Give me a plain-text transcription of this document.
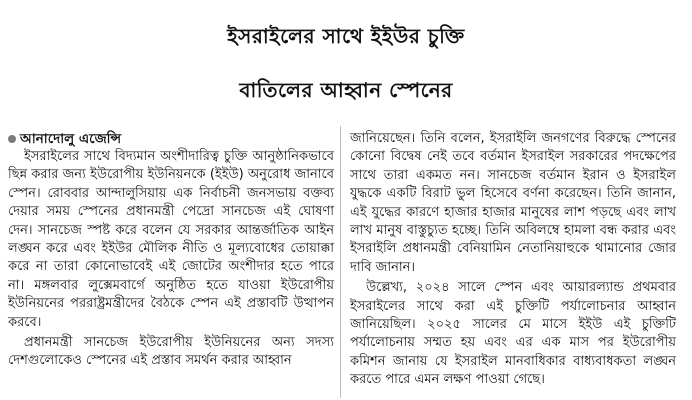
ইসরাইলের সাথে ইইউর চুক্তি
বাতিলের আহ্বান স্পেনের
আনাদোলু এজেন্সি

ইসরাইলের সাথে বিদ্যমান অংশীদারিত্ব চুক্তি আনুষ্ঠানিকভাবে ছিন্ন করার জন্য ইউরোপীয় ইউনিয়নকে (ইইউ) অনুরোধ জানাবে স্পেন। রোববার আন্দালুসিয়ায় এক নির্বাচনী জনসভায় বক্তব্য দেয়ার সময় স্পেনের প্রধানমন্ত্রী পেদ্রো সানচেজ এই ঘোষণা দেন। সানচেজ স্পষ্ট করে বলেন যে সরকার আন্তর্জাতিক আইন লঙ্ঘন করে এবং ইইউর মৌলিক নীতি ও মূল্যবোধের তোয়াক্কা করে না তারা কোনোভাবেই এই জোটের অংশীদার হতে পারে না। মঙ্গলবার লুক্সেমবার্গে অনুষ্ঠিত হতে যাওয়া ইউরোপীয় ইউনিয়নের পররাষ্ট্রমন্ত্রীদের বৈঠকে স্পেন এই প্রস্তাবটি উত্থাপন করবে।

প্রধানমন্ত্রী সানচেজ ইউরোপীয় ইউনিয়নের অন্য সদস্য দেশগুলোকেও স্পেনের এই প্রস্তাব সমর্থন করার আহ্বান

জানিয়েছেন। তিনি বলেন, ইসরাইলি জনগণের বিরুদ্ধে স্পেনের কোনো বিদ্বেষ নেই তবে বর্তমান ইসরাইল সরকারের পদক্ষেপের সাথে তারা একমত নন। সানচেজ বর্তমান ইরান ও ইসরাইল যুদ্ধকে একটি বিরাট ভুল হিসেবে বর্ণনা করেছেন। তিনি জানান, এই যুদ্ধের কারণে হাজার হাজার মানুষের লাশ পড়ছে এবং লাখ লাখ মানুষ বাস্তুচ্যুত হচ্ছে। তিনি অবিলম্বে হামলা বন্ধ করার এবং ইসরাইলি প্রধানমন্ত্রী বেনিয়ামিন নেতানিয়াহুকে থামানোর জোর দাবি জানান।

উল্লেখ্য, ২০২৪ সালে স্পেন এবং আয়ারল্যান্ড প্রথমবার ইসরাইলের সাথে করা এই চুক্তিটি পর্যালোচনার আহ্বান জানিয়েছিল। ২০২৫ সালের মে মাসে ইইউ এই চুক্তিটি পর্যালোচনায় সম্মত হয় এবং এর এক মাস পর ইউরোপীয় কমিশন জানায় যে ইসরাইল মানবাধিকার বাধ্যবাধকতা লঙ্ঘন করতে পারে এমন লক্ষণ পাওয়া গেছে।
